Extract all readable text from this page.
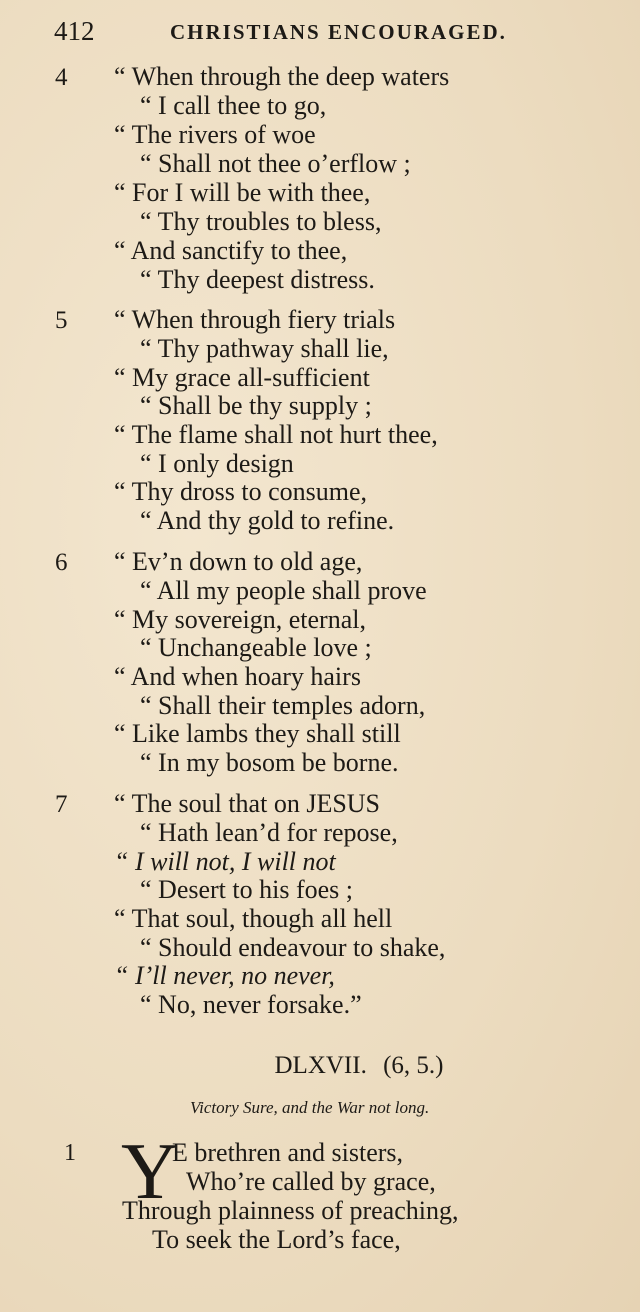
412	CHRISTIANS ENCOURAGED.
4 “ When through the deep waters
“ I call thee to go,
“ The rivers of woe
“ Shall not thee o’erflow ;
“ For I will be with thee,
“ Thy troubles to bless,
“ And sanctify to thee,
“ Thy deepest distress.
5 “ When through fiery trials
“ Thy pathway shall lie,
“ My grace all-sufficient
“ Shall be thy supply ;
“ The flame shall not hurt thee,
“ I only design
“ Thy dross to consume,
“ And thy gold to refine.
6 “ Ev’n down to old age,
“ All my people shall prove
“ My sovereign, eternal,
“ Unchangeable love ;
“ And when hoary hairs
“ Shall their temples adorn,
“ Like lambs they shall still
“ In my bosom be borne.
7 “ The soul that on JESUS
“ Hath lean’d for repose,
“ I will not, I will not
“ Desert to his foes ;
“ That soul, though all hell
“ Should endeavour to shake,
“ I’ll never, no never,
“ No, never forsake.”
DLXVII. (6, 5.)
Victory Sure, and the War not long.
1 Y
E brethren and sisters,
Who’re called by grace,
Through plainness of preaching,
To seek the Lord’s face,
